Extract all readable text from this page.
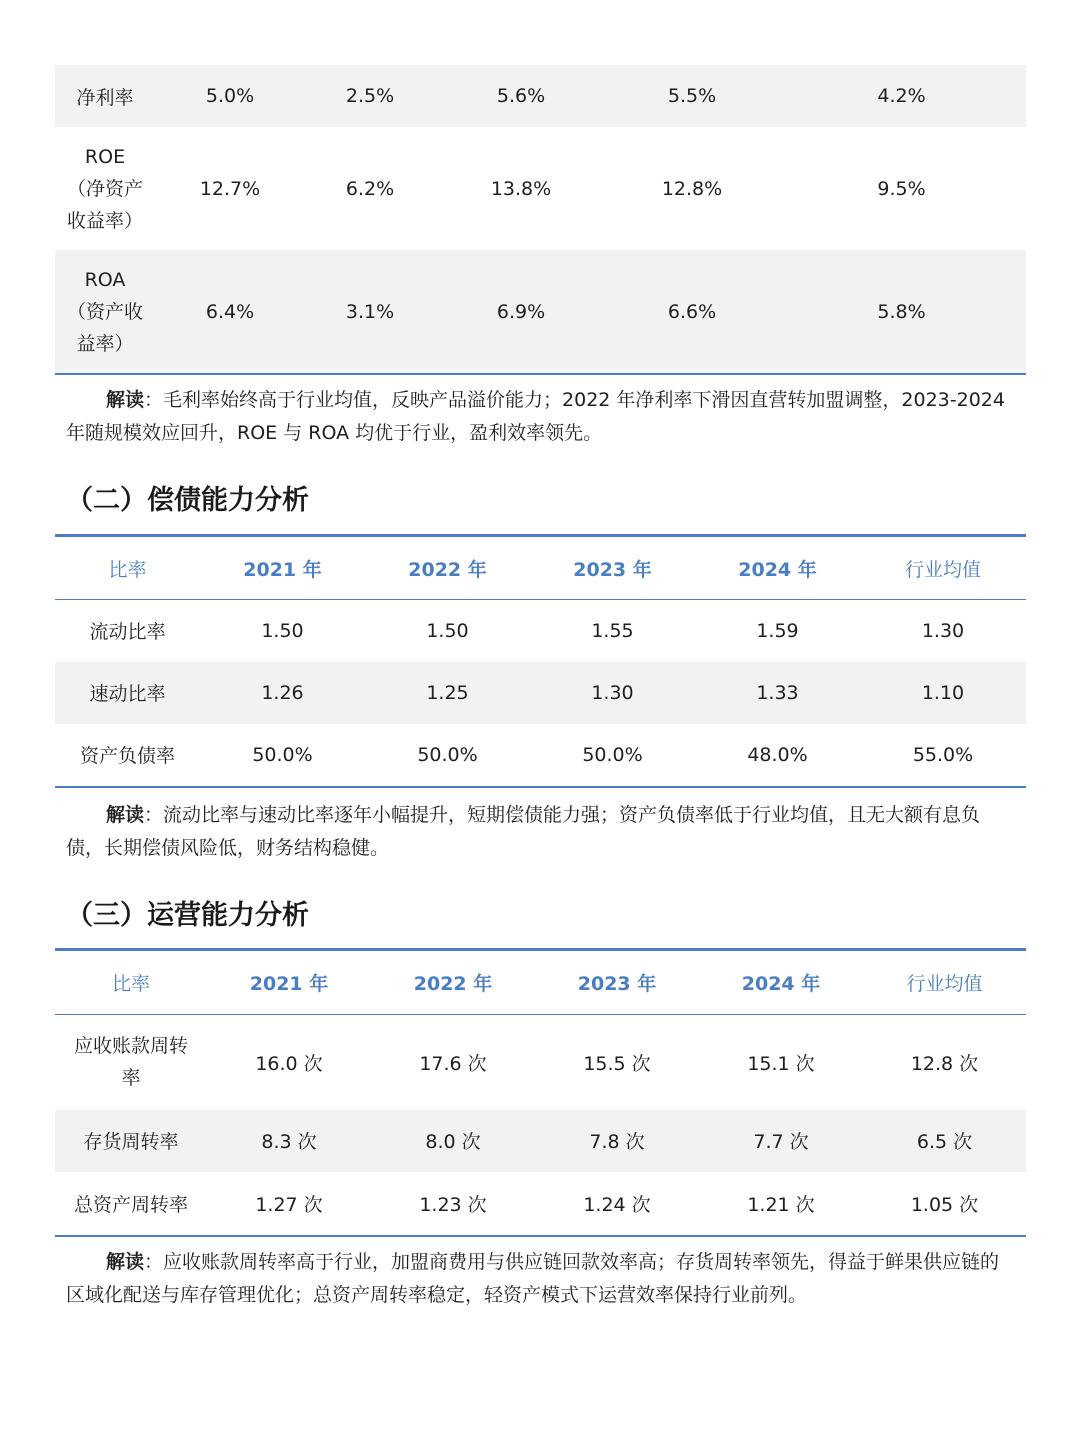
净利率	5.0%	2.5%	5.6%	5.5%	4.2%
ROE
（净资产
收益率）	12.7%	6.2%	13.8%	12.8%	9.5%
ROA
（资产收
益率）	6.4%	3.1%	6.9%	6.6%	5.8%

解读：毛利率始终高于行业均值，反映产品溢价能力；2022 年净利率下滑因直营转加盟调整，2023-2024 年随规模效应回升，ROE 与 ROA 均优于行业，盈利效率领先。

（二）偿债能力分析
比率	2021 年	2022 年	2023 年	2024 年	行业均值
流动比率	1.50	1.50	1.55	1.59	1.30
速动比率	1.26	1.25	1.30	1.33	1.10
资产负债率	50.0%	50.0%	50.0%	48.0%	55.0%

解读：流动比率与速动比率逐年小幅提升，短期偿债能力强；资产负债率低于行业均值，且无大额有息负债，长期偿债风险低，财务结构稳健。

（三）运营能力分析
比率	2021 年	2022 年	2023 年	2024 年	行业均值
应收账款周转
率	16.0 次	17.6 次	15.5 次	15.1 次	12.8 次
存货周转率	8.3 次	8.0 次	7.8 次	7.7 次	6.5 次
总资产周转率	1.27 次	1.23 次	1.24 次	1.21 次	1.05 次

解读：应收账款周转率高于行业，加盟商费用与供应链回款效率高；存货周转率领先，得益于鲜果供应链的区域化配送与库存管理优化；总资产周转率稳定，轻资产模式下运营效率保持行业前列。
